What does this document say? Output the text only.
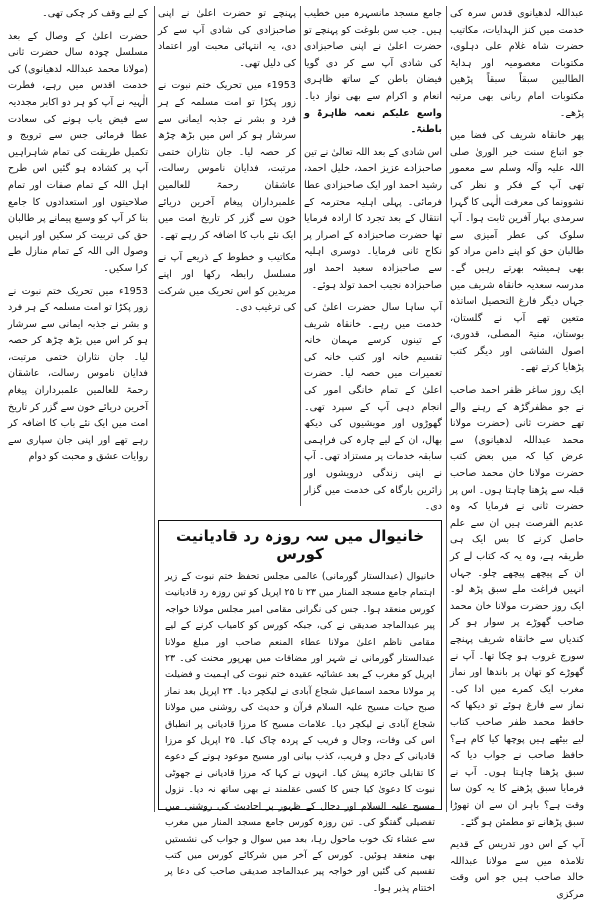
عبداللہ لدھیانوی قدس سرہ کی خدمت میں کنز الہدایات، مکاتیب حضرت شاہ غلام علی دہلوی، مکتوبات معصومیہ اور ہدایۃ الطالبین سبقاً سبقاً پڑھیں مکتوبات امام ربانی بھی مرتبہ پڑھے۔

پھر خانقاہ شریف کی فضا میں جو اتباع سنت خیر الوریٰ صلی اللہ علیہ وآلہ وسلم سے معمور تھی آپ کے فکر و نظر کی نشوونما کی معرفت الٰہی کا گہرا سرمدی بہار آفرین ثابت ہوا۔ آپ سلوک کی عطر آمیزی سے طالبان حق کو اپنے دامن مراد کو بھی ہمیشہ بھرتے رہیں گے۔ مدرسہ سعدیہ خانقاہ شریف میں جہاں دیگر فارغ التحصیل اساتذہ متعین تھے آپ نے گلستان، بوستان، منیۃ المصلی، قدوری، اصول الشاشی اور دیگر کتب پڑھایا کرتے تھے۔

ایک روز ساغر ظفر احمد صاحب نے جو مظفرگڑھ کے رہنے والے تھے حضرت ثانی (حضرت مولانا محمد عبداللہ لدھیانوی) سے عرض کیا کہ میں بعض کتب حضرت مولانا خان محمد صاحب قبلہ سے پڑھنا چاہتا ہوں۔ اس پر حضرت ثانی نے فرمایا کہ وہ عدیم الفرصت ہیں ان سے علم حاصل کرنے کا بس ایک ہی طریقہ ہے، وہ یہ کہ کتاب لے کر ان کے پیچھے پیچھے چلو۔ جہاں انہیں فراغت ملے سبق پڑھ لو۔ ایک روز حضرت مولانا خان محمد صاحب گھوڑے پر سوار ہو کر کندیاں سے خانقاہ شریف پہنچے سورج غروب ہو چکا تھا۔ آپ نے گھوڑے کو تھان پر باندھا اور نماز مغرب ایک کمرے میں ادا کی۔ نماز سے فارغ ہوئے تو دیکھا کہ حافظ محمد ظفر صاحب کتاب لیے بیٹھے ہیں پوچھا کیا کام ہے؟ حافظ صاحب نے جواب دیا کہ سبق پڑھنا چاہتا ہوں۔ آپ نے فرمایا سبق پڑھنے کا یہ کون سا وقت ہے؟ باہر ان سے ان تھوڑا سبق پڑھانے تو مطمئن ہو گئے۔

آپ کے اس دور تدریس کے قدیم تلامذہ میں سے مولانا عبداللہ خالد صاحب ہیں جو اس وقت مرکزی

جامع مسجد مانسہرہ میں خطیب ہیں۔ جب سن بلوغت کو پہنچے تو حضرت اعلیٰ نے اپنی صاحبزادی کی شادی آپ سے کر دی گویا فیضان باطن کے ساتھ ظاہری انعام و اکرام سے بھی نواز دیا۔ واسع علیکم نعمہ ظاہرۃ و باطنۃ۔

اس شادی کے بعد اللہ تعالیٰ نے تین صاحبزادے عزیز احمد، خلیل احمد، رشید احمد اور ایک صاحبزادی عطا فرمائی۔ پہلی اہلیہ محترمہ کے انتقال کے بعد تجرد کا ارادہ فرمایا تھا حضرت صاحبزادہ کے اصرار پر نکاح ثانی فرمایا۔ دوسری اہلیہ سے صاحبزادہ سعید احمد اور صاحبزادہ نجیب احمد تولد ہوئے۔

آپ ساہا سال حضرت اعلیٰ کی خدمت میں رہے۔ خانقاہ شریف کے تینوں کرسے مہمان خانہ تقسیم خانہ اور کتب خانہ کی تعمیرات میں حصہ لیا۔ حضرت اعلیٰ کے تمام خانگی امور کی انجام دہی آپ کے سپرد تھی۔ گھوڑوں اور مویشیوں کی دیکھ بھال، ان کے لیے چارہ کی فراہمی سابقہ خدمات پر مستزاد تھی۔ آپ نے اپنی زندگی درویشوں اور زائرین بارگاہ کی خدمت میں گزار دی۔

پہنچے تو حضرت اعلیٰ نے اپنی صاحبزادی کی شادی آپ سے کر دی، یہ انتہائی محبت اور اعتماد کی دلیل تھی۔

1953ء میں تحریک ختم نبوت نے زور پکڑا تو امت مسلمہ کے ہر فرد و بشر نے جذبہ ایمانی سے سرشار ہو کر اس میں بڑھ چڑھ کر حصہ لیا۔ جان نثاران ختمی مرتبت، فدایان ناموس رسالت، عاشقان رحمۃ للعالمین علمبرداران پیغام آخرین دریائے خون سے گزر کر تاریخ امت میں ایک نئے باب کا اضافہ کر رہے تھے۔

مکاتیب و خطوط کے ذریعے آپ نے مسلسل رابطہ رکھا اور اپنے مریدین کو اس تحریک میں شرکت کی ترغیب دی۔

کے لیے وقف کر چکی تھی۔

حضرت اعلیٰ کے وصال کے بعد مسلسل چودہ سال حضرت ثانی (مولانا محمد عبداللہ لدھیانوی) کی خدمت اقدس میں رہے، فطرت الٰہیہ نے آپ کو ہر دو اکابر مجددیہ سے فیض یاب ہونے کی سعادت عطا فرمائی جس سے ترویج و تکمیل طریقت کی تمام شاہراہیں آپ پر کشادہ ہو گئیں اس طرح اہل اللہ کے تمام صفات اور تمام صلاحیتوں اور استعدادوں کا جامع بنا کر آپ کو وسیع پیمانے پر طالبان حق کی تربیت کر سکیں اور انہیں وصول الی اللہ کے تمام منازل طے کرا سکیں۔

1953ء میں تحریک ختم نبوت نے زور پکڑا تو امت مسلمہ کے ہر فرد و بشر نے جذبہ ایمانی سے سرشار ہو کر اس میں بڑھ چڑھ کر حصہ لیا۔ جان نثاران ختمی مرتبت، فدایان ناموس رسالت، عاشقان رحمۃ للعالمین علمبرداران پیغام آخرین دریائے خون سے گزر کر تاریخ امت میں ایک نئے باب کا اضافہ کر رہے تھے اور اپنی جان سپاری سے روایات عشق و محبت کو دوام

خانیوال میں سہ روزہ رد قادیانیت کورس

خانیوال (عبدالستار گورمانی) عالمی مجلس تحفظ ختم نبوت کے زیر اہتمام جامع مسجد المنار میں ۲۳ تا ۲۵ اپریل کو تین روزہ رد قادیانیت کورس منعقد ہوا۔ جس کی نگرانی مقامی امیر مجلس مولانا خواجہ پیر عبدالماجد صدیقی نے کی، جبکہ کورس کو کامیاب کرنے کے لیے مقامی ناظم اعلیٰ مولانا عطاء المنعم صاحب اور مبلغ مولانا عبدالستار گورمانی نے شہر اور مضافات میں بھرپور محنت کی۔ ۲۳ اپریل کو مغرب کے بعد عشائیہ عقیدہ ختم نبوت کی اہمیت و فضیلت پر مولانا محمد اسماعیل شجاع آبادی نے لیکچر دیا۔ ۲۴ اپریل بعد نماز صبح حیات مسیح علیہ السلام قرآن و حدیث کی روشنی میں مولانا شجاع آبادی نے لیکچر دیا۔ علامات مسیح کا مرزا قادیانی پر انطباق اس کی وفات، وجال و فریب کے پردہ چاک کیا۔ ۲۵ اپریل کو مرزا قادیانی کے دجل و فریب، کذب بیانی اور مسیح موعود ہونے کے دعوے کا تقابلی جائزہ پیش کیا۔ انہوں نے کہا کہ مرزا قادیانی نے جھوٹی نبوت کا دعویٰ کیا جس کا کسی عقلمند نے بھی ساتھ نہ دیا۔ نزول مسیح علیہ السلام اور دجال کے ظہور پر احادیث کی روشنی میں تفصیلی گفتگو کی۔ تین روزہ کورس جامع مسجد المنار میں مغرب سے عشاء تک خوب ماحول رہا، بعد میں سوال و جواب کی نشستیں بھی منعقد ہوئیں۔ کورس کے آخر میں شرکائے کورس میں کتب تقسیم کی گئیں اور خواجہ پیر عبدالماجد صدیقی صاحب کی دعا پر اختتام پذیر ہوا۔
